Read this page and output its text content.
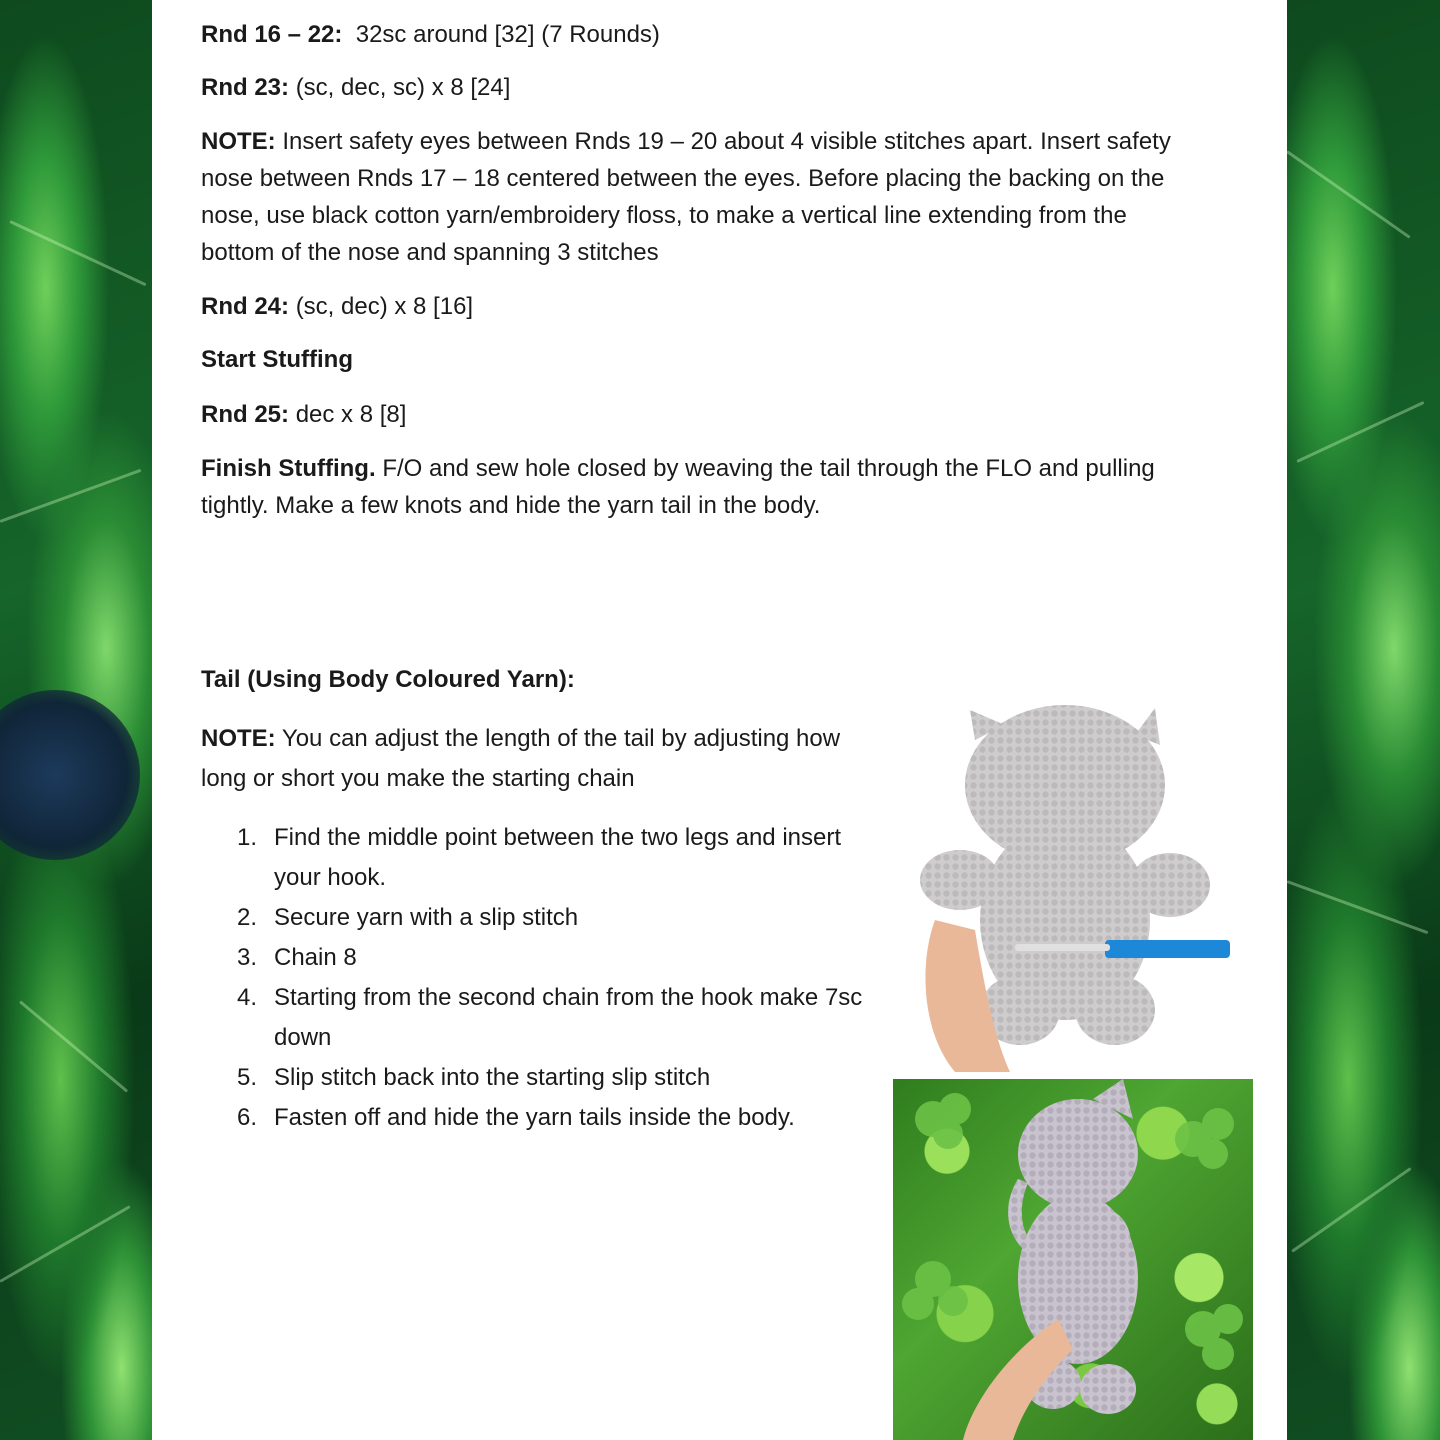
Rnd 16 – 22: 32sc around [32] (7 Rounds)

Rnd 23: (sc, dec, sc) x 8 [24]

NOTE: Insert safety eyes between Rnds 19 – 20 about 4 visible stitches apart. Insert safety nose between Rnds 17 – 18 centered between the eyes. Before placing the backing on the nose, use black cotton yarn/embroidery floss, to make a vertical line extending from the bottom of the nose and spanning 3 stitches

Rnd 24: (sc, dec) x 8 [16]

Start Stuffing

Rnd 25: dec x 8 [8]

Finish Stuffing. F/O and sew hole closed by weaving the tail through the FLO and pulling tightly. Make a few knots and hide the yarn tail in the body.

Tail (Using Body Coloured Yarn):

NOTE: You can adjust the length of the tail by adjusting how long or short you make the starting chain

1. Find the middle point between the two legs and insert your hook.
2. Secure yarn with a slip stitch
3. Chain 8
4. Starting from the second chain from the hook make 7sc down
5. Slip stitch back into the starting slip stitch
6. Fasten off and hide the yarn tails inside the body.
